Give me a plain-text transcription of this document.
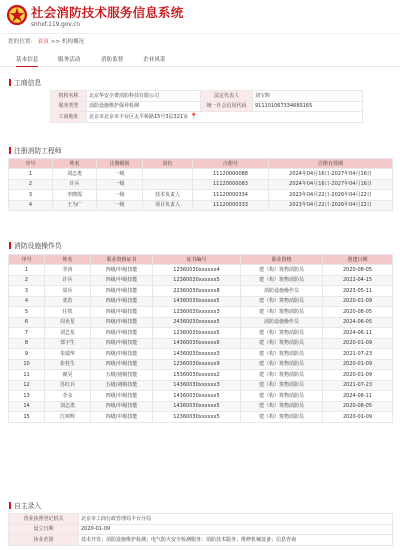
社会消防技术服务信息系统
shhxf.119.gov.cn
您的位置： 首页 >> 机构概况
基本信息	服务活动	消防监督	企业风采
工商信息
机构名称	北京华安全费消防科技有限公司	法定代表人	刘宝辉
服务类型	消防设施维护保养检测	统一社会信用代码	91110106733468S165
工商地址	北京市北京市丰台区太平桥路15号3层321室 📍		
注册消防工程师
序号	姓名	注册级别	岗位	注册号	注册有效期
1	刘志勇	一级		11120000088	2024年04月16日-2027年04月16日
2	许兵	一级		11120000083	2024年04月16日-2027年04月16日
3	李晓霞	一级	技术负责人	11120000334	2023年04月22日-2026年04月22日
4	王为广	一级	项目负责人	11120000333	2023年04月22日-2026年04月22日
消防设施操作员
序号	姓名	职业资格证书	证书编号	职业资格	创建日期
1	李涛	四级/中级技能	12360030xxxxxx4	建（构）筑物消防员	2020-08-05
2	许兵	四级/中级技能	12360030xxxxxx5	建（构）筑物消防员	2022-04-15
3	周兵	四级/中级技能	22360030xxxxxx8	消防设施操作员	2023-05-11
4	张浩	四级/中级技能	14360030xxxxxx5	建（构）筑物消防员	2020-01-09
5	任铁	四级/中级技能	12360030xxxxxx3	建（构）筑物消防员	2020-08-05
6	周更星	四级/中级技能	24360030xxxxxx5	消防设施操作员	2024-06-05
7	刘艺星	四级/中级技能	12360030xxxxxx5	建（构）筑物消防员	2024-06-11
8	郑宇生	四级/中级技能	14360030xxxxxx6	建（构）筑物消防员	2020-01-09
9	朱瑞华	四级/中级技能	14360030xxxxxx3	建（构）筑物消防员	2021-07-23
10	张桂生	四级/中级技能	12360030xxxxxx9	建（构）筑物消防员	2020-01-09
11	颜昊	五级/初级技能	15360030xxxxxx2	建（构）筑物消防员	2020-01-09
12	苏红兵	五级/初级技能	14360030xxxxxx3	建（构）筑物消防员	2021-07-23
13	李永	四级/中级技能	14360030xxxxxx5	建（构）筑物消防员	2024-06-11
14	刘志勇	四级/中级技能	14360030xxxxxx5	建（构）筑物消防员	2020-08-05
15	江树辉	四级/中级技能	12360030xxxxxx5	建（构）筑物消防员	2020-01-09
自主录入
营业执照登记机关	北京市工商行政管理局丰台分局
设立日期	2020-01-09
执业范围	技术开发；消防设施维护检测；电气防火安全检测服务；消防技术服务；维修机械设备；信息咨询
